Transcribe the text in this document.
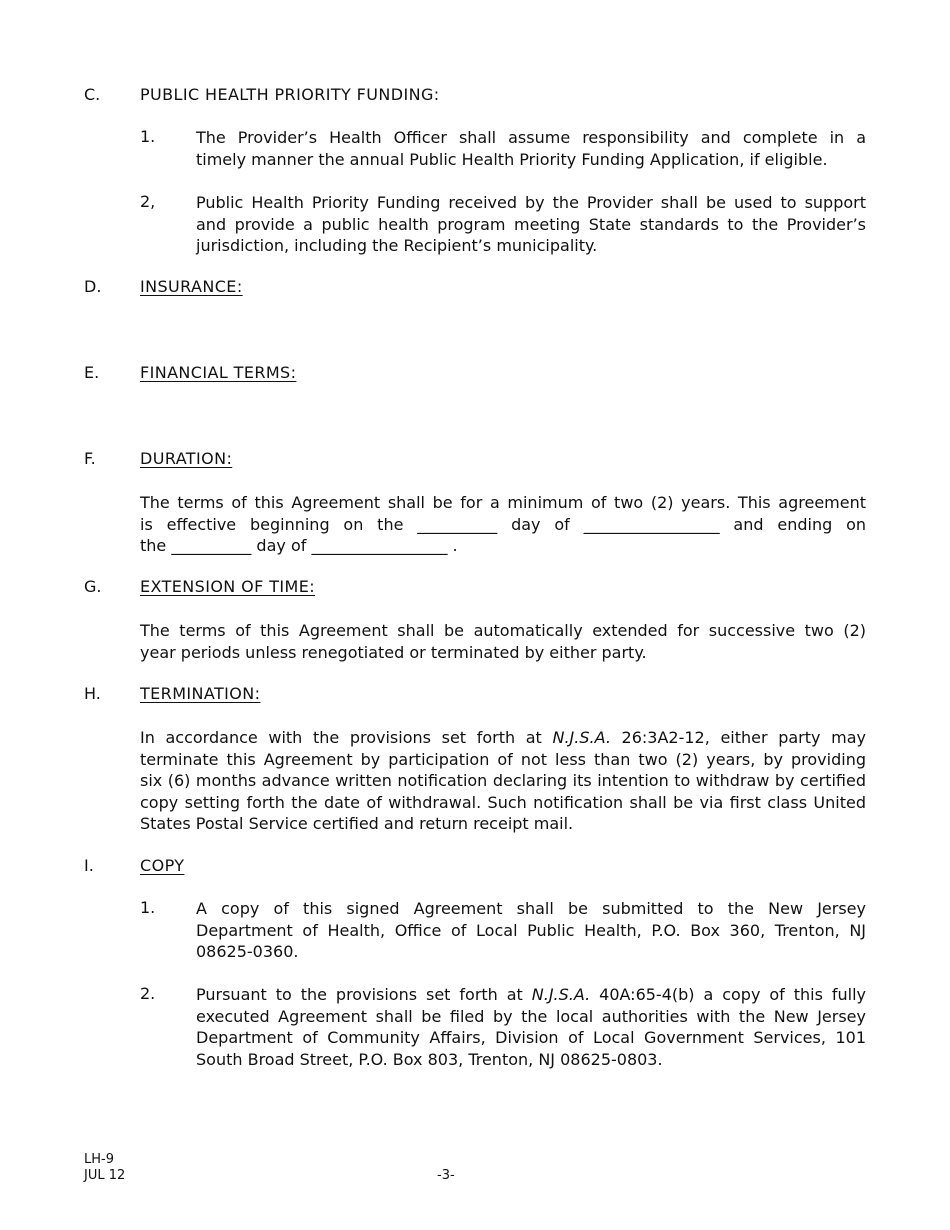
C. PUBLIC HEALTH PRIORITY FUNDING:
1.	The Provider’s Health Officer shall assume responsibility and complete in a
timely manner the annual Public Health Priority Funding Application, if eligible.
2,	Public Health Priority Funding received by the Provider shall be used to support
and provide a public health program meeting State standards to the Provider’s
jurisdiction, including the Recipient’s municipality.
D. INSURANCE:
E.	FINANCIAL TERMS:
F.	DURATION:
The terms of this Agreement shall be for a minimum of two (2) years. This agreement
is effective beginning on the __________ day of _________________ and ending on
the __________ day of _________________ .
G. EXTENSION OF TIME:
The terms of this Agreement shall be automatically extended for successive two (2)
year periods unless renegotiated or terminated by either party.
H. TERMINATION:
In accordance with the provisions set forth at N.J.S.A. 26:3A2-12, either party may
terminate this Agreement by participation of not less than two (2) years, by providing
six (6) months advance written notification declaring its intention to withdraw by certified
copy setting forth the date of withdrawal. Such notification shall be via first class United
States Postal Service certified and return receipt mail.
I.	COPY
1.	A copy of this signed Agreement shall be submitted to the New Jersey
Department of Health, Office of Local Public Health, P.O. Box 360, Trenton, NJ
08625-0360.
2.	Pursuant to the provisions set forth at N.J.S.A. 40A:65-4(b) a copy of this fully
executed Agreement shall be filed by the local authorities with the New Jersey
Department of Community Affairs, Division of Local Government Services, 101
South Broad Street, P.O. Box 803, Trenton, NJ 08625-0803.
LH-9
JUL 12	-3-
